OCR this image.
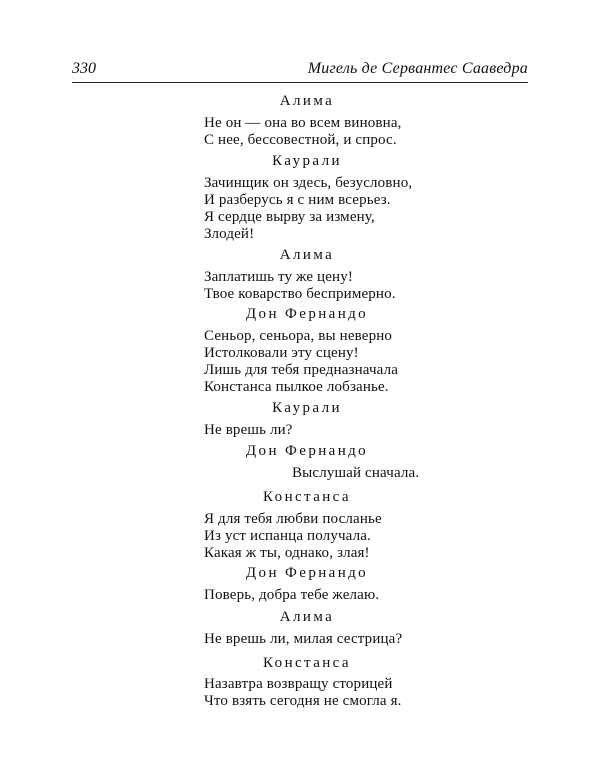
330	Мигель де Сервантес Сааведра
Алима
Не он — она во всем виновна,
С нее, бессовестной, и спрос.
Каурали
Зачинщик он здесь, безусловно,
И разберусь я с ним всерьез.
Я сердце вырву за измену,
Злодей!
Алима
Заплатишь ту же цену!
Твое коварство беспримерно.
Дон Фернандо
Сеньор, сеньора, вы неверно
Истолковали эту сцену!
Лишь для тебя предназначала
Констанса пылкое лобзанье.
Каурали
Не врешь ли?
Дон Фернандо
Выслушай сначала.
Констанса
Я для тебя любви посланье
Из уст испанца получала.
Какая ж ты, однако, злая!
Дон Фернандо
Поверь, добра тебе желаю.
Алима
Не врешь ли, милая сестрица?
Констанса
Назавтра возвращу сторицей
Что взять сегодня не смогла я.
